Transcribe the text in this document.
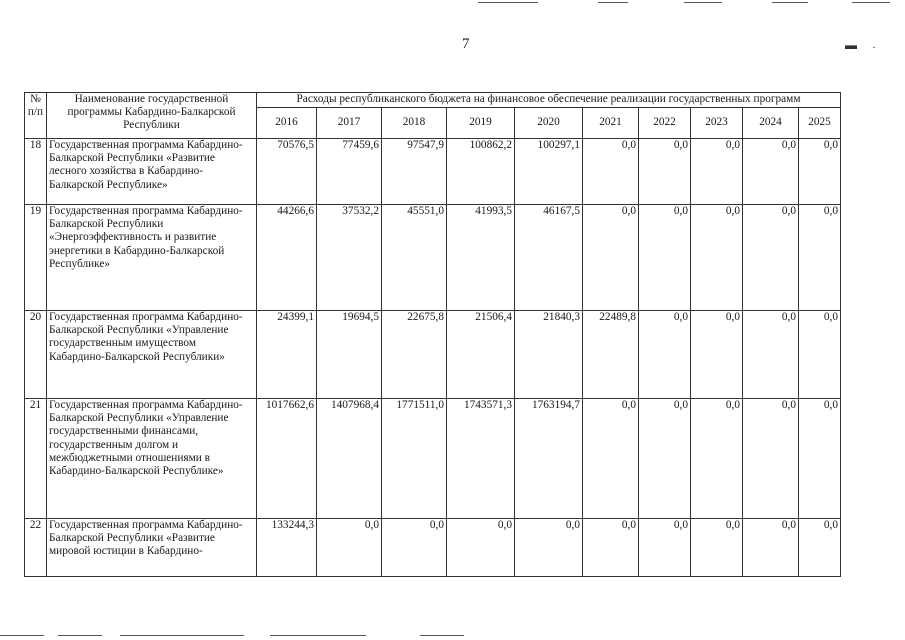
▬ ·
7
№
п/п	Наименование государственной программы Кабардино-Балкарской Республики	Расходы республиканского бюджета на финансовое обеспечение реализации государственных программ									
		2016	2017	2018	2019	2020	2021	2022	2023	2024	2025
18	Государственная программа Кабардино-Балкарской Республики «Развитие лесного хозяйства в Кабардино-Балкарской Республике»	70576,5	77459,6	97547,9	100862,2	100297,1	0,0	0,0	0,0	0,0	0,0
19	Государственная программа Кабардино-Балкарской Республики «Энергоэффективность и развитие энергетики в Кабардино-Балкарской Республике»	44266,6	37532,2	45551,0	41993,5	46167,5	0,0	0,0	0,0	0,0	0,0
20	Государственная программа Кабардино-Балкарской Республики «Управление государственным имуществом Кабардино-Балкарской Республики»	24399,1	19694,5	22675,8	21506,4	21840,3	22489,8	0,0	0,0	0,0	0,0
21	Государственная программа Кабардино-Балкарской Республики «Управление государственными финансами, государственным долгом и межбюджетными отношениями в Кабардино-Балкарской Республике»	1017662,6	1407968,4	1771511,0	1743571,3	1763194,7	0,0	0,0	0,0	0,0	0,0
22	Государственная программа Кабардино-Балкарской Республики «Развитие мировой юстиции в Кабардино-	133244,3	0,0	0,0	0,0	0,0	0,0	0,0	0,0	0,0	0,0
